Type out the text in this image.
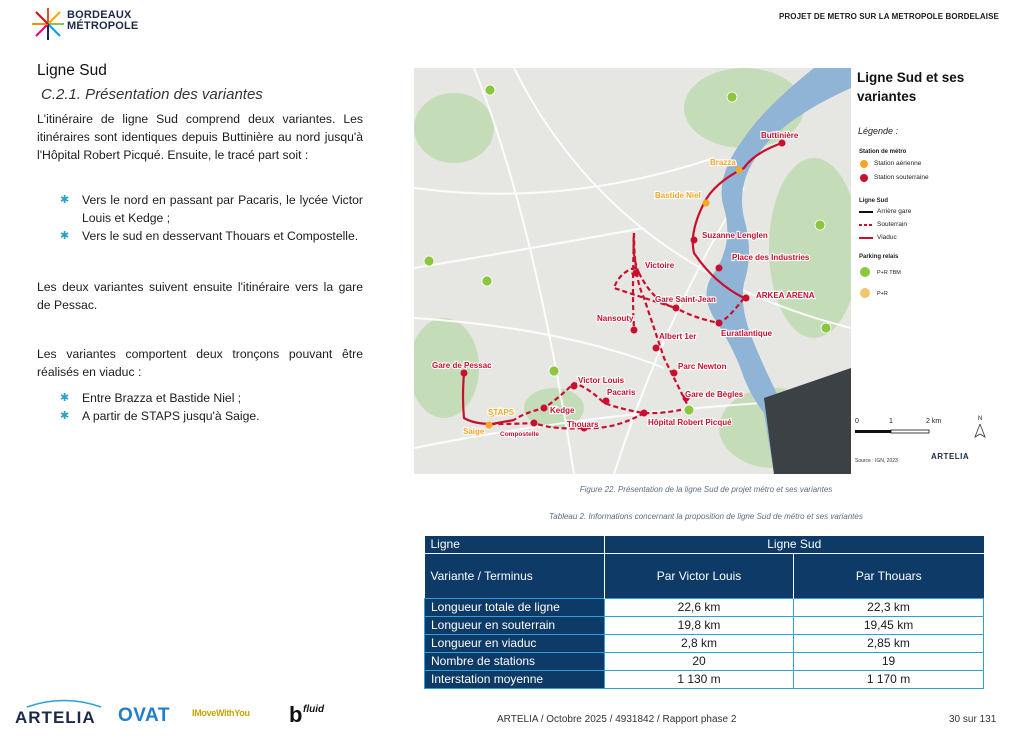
BORDEAUX
MÉTROPOLE
PROJET DE METRO SUR LA METROPOLE BORDELAISE
Ligne Sud
C.2.1. Présentation des variantes
L'itinéraire de ligne Sud comprend deux variantes. Les itinéraires sont identiques depuis Buttinière au nord jusqu'à l'Hôpital Robert Picqué. Ensuite, le tracé part soit :
✱ Vers le nord en passant par Pacaris, le lycée Victor Louis et Kedge ;
✱ Vers le sud en desservant Thouars et Compostelle.
Les deux variantes suivent ensuite l'itinéraire vers la gare de Pessac.
Les variantes comportent deux tronçons pouvant être réalisés en viaduc :
✱ Entre Brazza et Bastide Niel ;
✱ A partir de STAPS jusqu'à Saige.
Buttinière
Brazza
Bastide Niel
Suzanne Lenglen
Place des Industries
ARKEA ARENA
Euratlantique
Victoire
Gare Saint-Jean
Nansouty
Albert 1er
Parc Newton
Gare de Bègles
Hôpital Robert Picqué
Victor Louis
Pacaris
Kedge
Thouars
Compostelle
STAPS
Saige
Gare de Pessac
Ligne Sud et ses
variantes
Légende :
Station de métro
Station aérienne
Station souterraine
Ligne Sud
Arrière gare
Souterrain
Viaduc
Parking relais
P+R TBM
P+R
0	1	2 km	N
Source : IGN, 2023	ARTELIA
Figure 22. Présentation de la ligne Sud de projet métro et ses variantes
Tableau 2. Informations concernant la proposition de ligne Sud de métro et ses variantes
Ligne	Ligne Sud	
Variante / Terminus	Par Victor Louis	Par Thouars
Longueur totale de ligne	22,6 km	22,3 km
Longueur en souterrain	19,8 km	19,45 km
Longueur en viaduc	2,8 km	2,85 km
Nombre de stations	20	19
Interstation moyenne	1 130 m	1 170 m
ARTELIA OVAT IMoveWithYou b fluid
ARTELIA / Octobre 2025 / 4931842 / Rapport phase 2	30 sur 131
